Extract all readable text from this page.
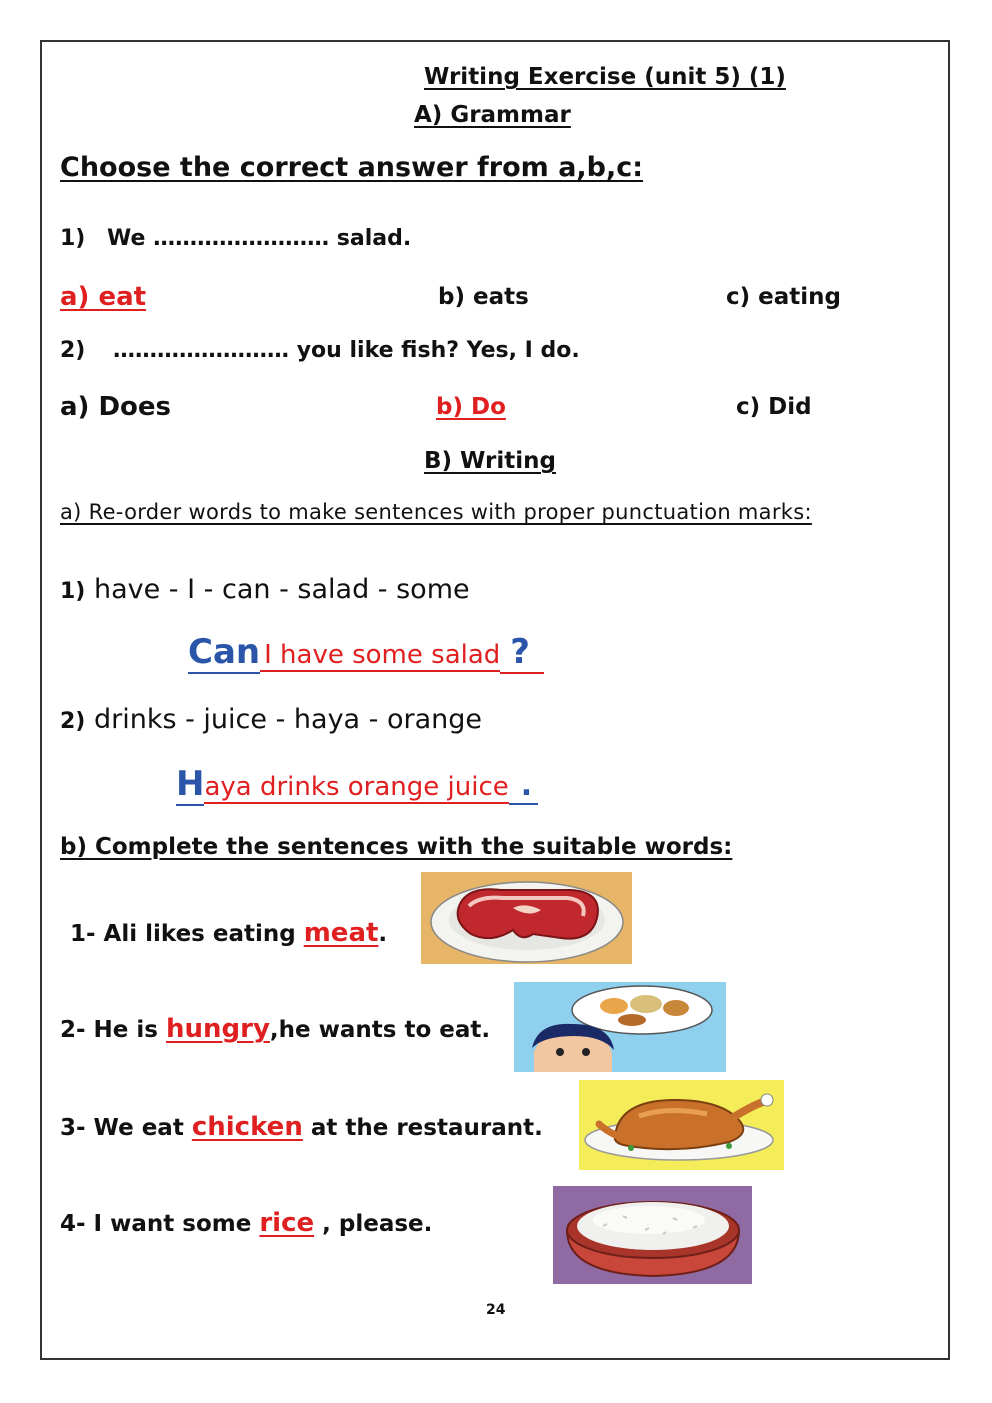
Writing Exercise (unit 5) (1)
A) Grammar
Choose the correct answer from a,b,c:
1) We …………………… salad.
a) eat	b) eats	c) eating
2) …………………… you like fish? Yes, I do.
a) Does	b) Do	c) Did
B) Writing
a) Re-order words to make sentences with proper punctuation marks:
1) have - I - can - salad - some
Can I have some salad ?
2) drinks - juice - haya - orange
Haya drinks orange juice .
b) Complete the sentences with the suitable words:
1- Ali likes eating meat.
2- He is hungry,he wants to eat.
3- We eat chicken at the restaurant.
4- I want some rice , please.
24
